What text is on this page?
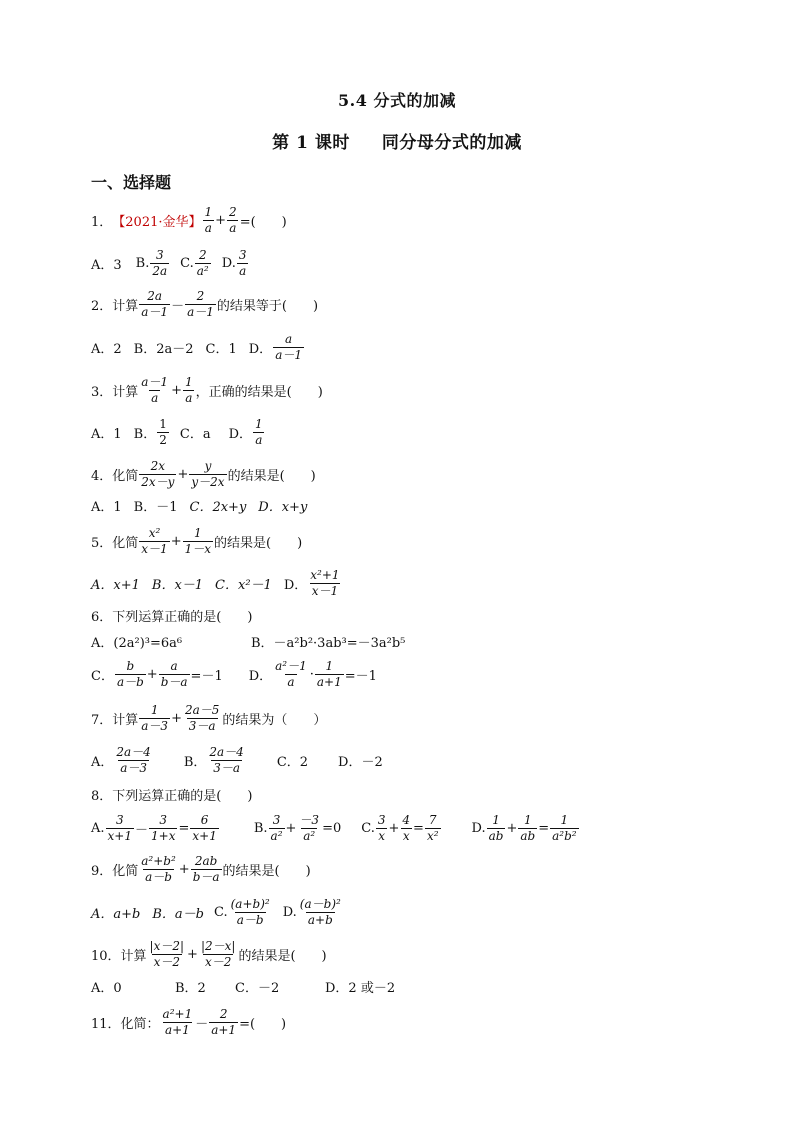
5.4 分式的加减
第 1 课时 同分母分式的加减
一、选择题
1． 【2021·金华】 $\frac{1}{a} + \frac{2}{a}$ =(　　)
A．3 B. $\frac{3}{2a} C$. $\frac{2}{\text{a²}} D$. $\frac{3}{a}$
2．计算 $\frac{2a}{a-1} - \frac{2}{a-1}$ 的结果等于(　　)
A．2 B．2a－2 C．1 D． $\frac{a}{a-1}$
3．计算 $\frac{a-1}{a} + \frac{1}{a}$ ，正确的结果是(　　)
A．1 B． $\frac{1}{2}$ C．a D． $\frac{1}{a}$
4．化简 $\frac{2x}{2x-y} + \frac{y}{y-2x}$ 的结果是(　　)
A．1 B．－1 C．2x+y D．x+y
5．化简 $\frac{\text{x²}}{x-1} + \frac{1}{1-x}$ 的结果是(　　)
A．x+1 B．x－1 C．x²－1 D． $\frac{\text{x²+1}}{x-1}$
6．下列运算正确的是(　　)
A．(2a²)³=6a⁶	B．－a²b²·3ab³=－3a²b⁵
C． $\frac{b}{a-b} + \frac{a}{b-a} =-1$ D． $\frac{\text{a²－1}}{a} \cdot \frac{1}{a+1} =-1$
7．计算 $\frac{1}{a-3} + \frac{2a-5}{3-a}$ 的结果为（　　）
A． $\frac{2a-4}{a-3}$ B． $\frac{2a-4}{3-a}$ C．2 D．－2
8．下列运算正确的是(　　)
A. $\frac{3}{x+1} - \frac{3}{1+x} = \frac{6}{x+1}$	B. $\frac{3}{\text{a²}} + \frac{-3}{\text{a²}} =0$ C. $\frac{3}{x} + \frac{4}{x} = \frac{7}{\text{x²}} D$. $\frac{1}{ab} + \frac{1}{ab} = \frac{1}{\text{a²b²}}$
9．化简 $\frac{\text{a²+b²}}{a-b} + \frac{2ab}{b-a}$ 的结果是(　　)
A．a+b B．a－b C. $\frac{\text{(a+b)²}}{a-b} D$. $\frac{\text{(a－b)²}}{a+b}$
10．计算 $\frac{|x-2|}{x-2} + \frac{|2-x|}{x-2}$ 的结果是(　　)
A．0	B．2	C．－2	D．2 或－2
11．化简： $\frac{\text{a²+1}}{a+1} - \frac{2}{a+1}$ =(　　)
